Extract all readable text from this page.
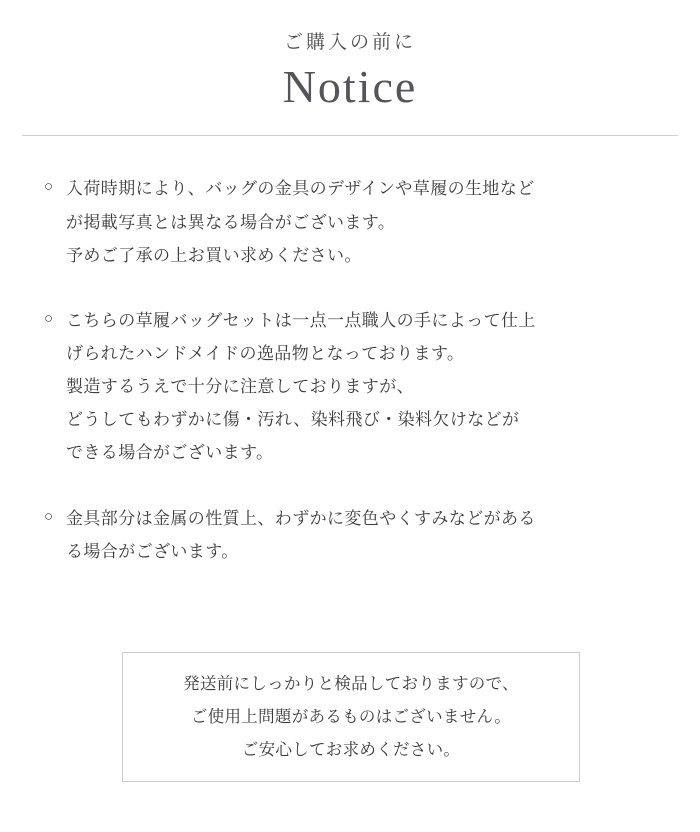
ご購入の前に
Notice
○ 入荷時期により、バッグの金具のデザインや草履の生地など
が掲載写真とは異なる場合がございます。
予めご了承の上お買い求めください。
○ こちらの草履バッグセットは一点一点職人の手によって仕上
げられたハンドメイドの逸品物となっております。
製造するうえで十分に注意しておりますが、
どうしてもわずかに傷・汚れ、染料飛び・染料欠けなどが
できる場合がございます。
○ 金具部分は金属の性質上、わずかに変色やくすみなどがある
る場合がございます。
発送前にしっかりと検品しておりますので、
ご使用上問題があるものはございません。
ご安心してお求めください。
